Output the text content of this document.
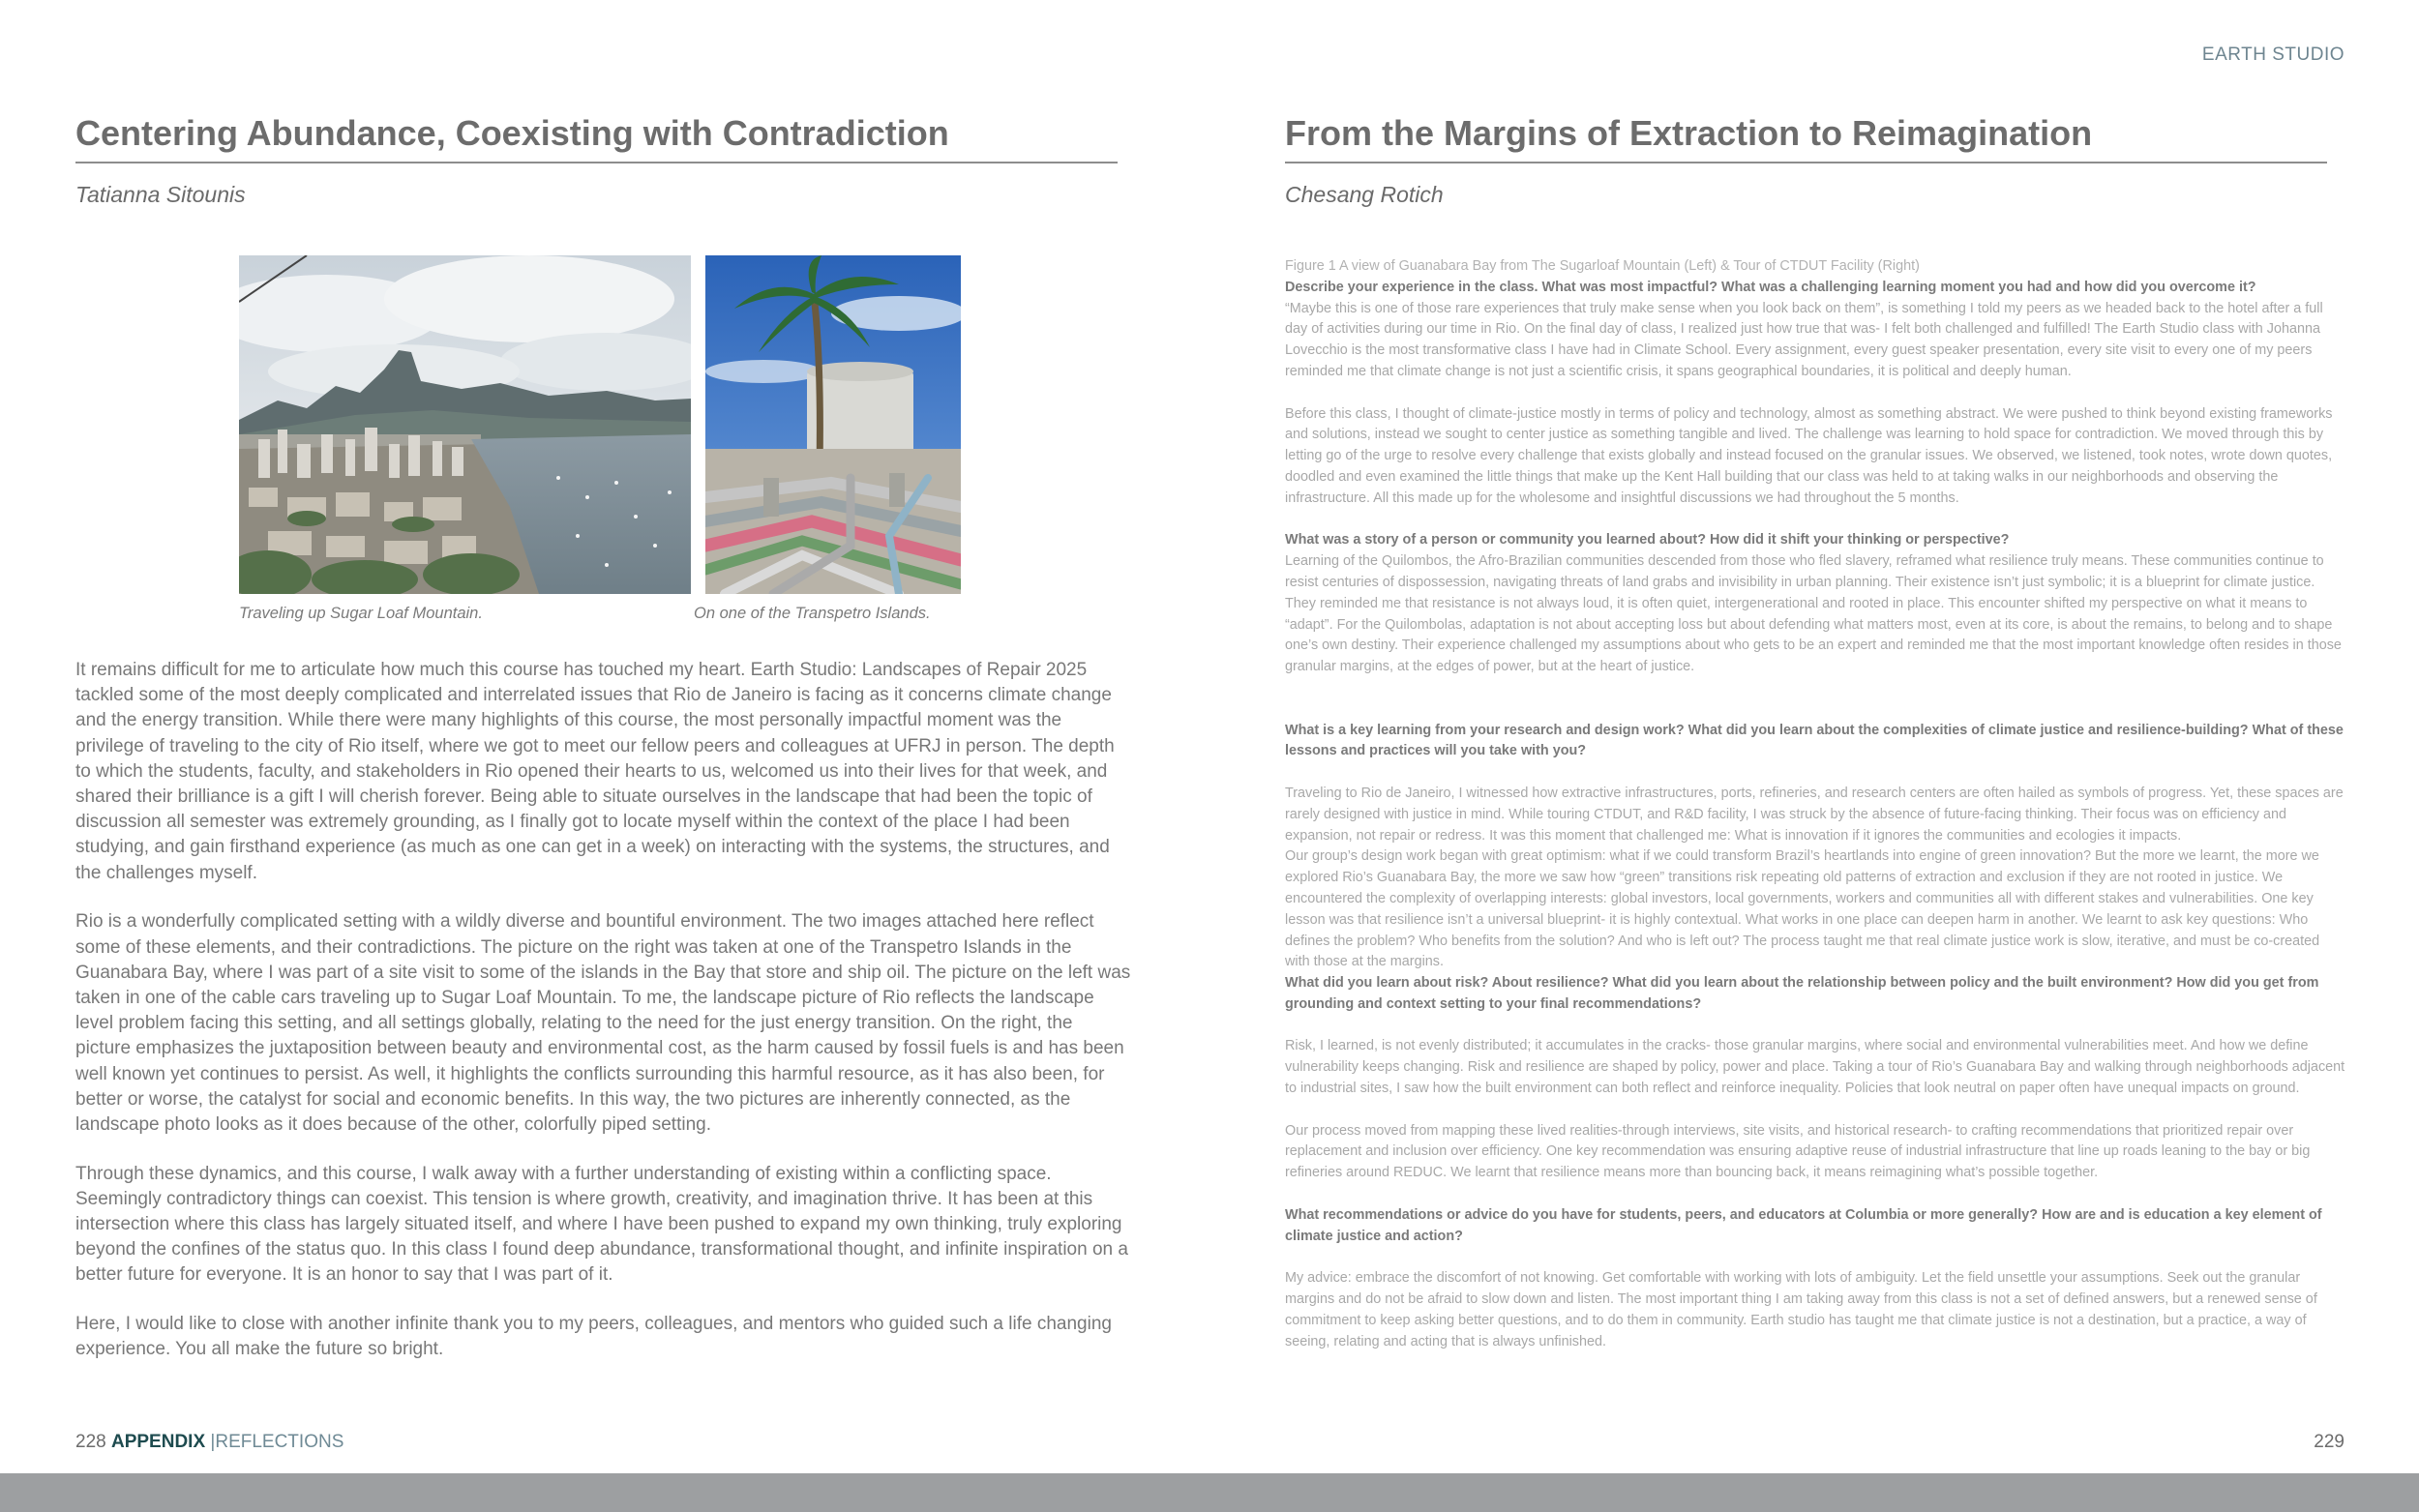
EARTH STUDIO
Centering Abundance, Coexisting with Contradiction
Tatianna Sitounis
Traveling up Sugar Loaf Mountain.	On one of the Transpetro Islands.

It remains difficult for me to articulate how much this course has touched my heart. Earth Studio: Landscapes of Repair 2025 tackled some of the most deeply complicated and interrelated issues that Rio de Janeiro is facing as it concerns climate change and the energy transition. While there were many highlights of this course, the most personally impactful moment was the privilege of traveling to the city of Rio itself, where we got to meet our fellow peers and colleagues at UFRJ in person. The depth to which the students, faculty, and stakeholders in Rio opened their hearts to us, welcomed us into their lives for that week, and shared their brilliance is a gift I will cherish forever. Being able to situate ourselves in the landscape that had been the topic of discussion all semester was extremely grounding, as I finally got to locate myself within the context of the place I had been studying, and gain firsthand experience (as much as one can get in a week) on interacting with the systems, the structures, and the challenges myself.

Rio is a wonderfully complicated setting with a wildly diverse and bountiful environment. The two images attached here reflect some of these elements, and their contradictions. The picture on the right was taken at one of the Transpetro Islands in the Guanabara Bay, where I was part of a site visit to some of the islands in the Bay that store and ship oil. The picture on the left was taken in one of the cable cars traveling up to Sugar Loaf Mountain. To me, the landscape picture of Rio reflects the landscape level problem facing this setting, and all settings globally, relating to the need for the just energy transition. On the right, the picture emphasizes the juxtaposition between beauty and environmental cost, as the harm caused by fossil fuels is and has been well known yet continues to persist. As well, it highlights the conflicts surrounding this harmful resource, as it has also been, for better or worse, the catalyst for social and economic benefits. In this way, the two pictures are inherently connected, as the landscape photo looks as it does because of the other, colorfully piped setting.

Through these dynamics, and this course, I walk away with a further understanding of existing within a conflicting space. Seemingly contradictory things can coexist. This tension is where growth, creativity, and imagination thrive. It has been at this intersection where this class has largely situated itself, and where I have been pushed to expand my own thinking, truly exploring beyond the confines of the status quo. In this class I found deep abundance, transformational thought, and infinite inspiration on a better future for everyone. It is an honor to say that I was part of it.

Here, I would like to close with another infinite thank you to my peers, colleagues, and mentors who guided such a life changing experience. You all make the future so bright.

From the Margins of Extraction to Reimagination
Chesang Rotich

Figure 1 A view of Guanabara Bay from The Sugarloaf Mountain (Left) & Tour of CTDUT Facility (Right)

Describe your experience in the class. What was most impactful? What was a challenging learning moment you had and how did you overcome it?

“Maybe this is one of those rare experiences that truly make sense when you look back on them”, is something I told my peers as we headed back to the hotel after a full day of activities during our time in Rio. On the final day of class, I realized just how true that was- I felt both challenged and fulfilled! The Earth Studio class with Johanna Lovecchio is the most transformative class I have had in Climate School. Every assignment, every guest speaker presentation, every site visit to every one of my peers reminded me that climate change is not just a scientific crisis, it spans geographical boundaries, it is political and deeply human.

Before this class, I thought of climate-justice mostly in terms of policy and technology, almost as something abstract. We were pushed to think beyond existing frameworks and solutions, instead we sought to center justice as something tangible and lived. The challenge was learning to hold space for contradiction. We moved through this by letting go of the urge to resolve every challenge that exists globally and instead focused on the granular issues. We observed, we listened, took notes, wrote down quotes, doodled and even examined the little things that make up the Kent Hall building that our class was held to at taking walks in our neighborhoods and observing the infrastructure. All this made up for the wholesome and insightful discussions we had throughout the 5 months.

What was a story of a person or community you learned about? How did it shift your thinking or perspective?

Learning of the Quilombos, the Afro-Brazilian communities descended from those who fled slavery, reframed what resilience truly means. These communities continue to resist centuries of dispossession, navigating threats of land grabs and invisibility in urban planning. Their existence isn’t just symbolic; it is a blueprint for climate justice. They reminded me that resistance is not always loud, it is often quiet, intergenerational and rooted in place. This encounter shifted my perspective on what it means to “adapt”. For the Quilombolas, adaptation is not about accepting loss but about defending what matters most, even at its core, is about the remains, to belong and to shape one’s own destiny. Their experience challenged my assumptions about who gets to be an expert and reminded me that the most important knowledge often resides in those granular margins, at the edges of power, but at the heart of justice.

What is a key learning from your research and design work? What did you learn about the complexities of climate justice and resilience-building? What of these lessons and practices will you take with you?

Traveling to Rio de Janeiro, I witnessed how extractive infrastructures, ports, refineries, and research centers are often hailed as symbols of progress. Yet, these spaces are rarely designed with justice in mind. While touring CTDUT, and R&D facility, I was struck by the absence of future-facing thinking. Their focus was on efficiency and expansion, not repair or redress. It was this moment that challenged me: What is innovation if it ignores the communities and ecologies it impacts.

Our group’s design work began with great optimism: what if we could transform Brazil’s heartlands into engine of green innovation? But the more we learnt, the more we explored Rio’s Guanabara Bay, the more we saw how “green” transitions risk repeating old patterns of extraction and exclusion if they are not rooted in justice. We encountered the complexity of overlapping interests: global investors, local governments, workers and communities all with different stakes and vulnerabilities. One key lesson was that resilience isn’t a universal blueprint- it is highly contextual. What works in one place can deepen harm in another. We learnt to ask key questions: Who defines the problem? Who benefits from the solution? And who is left out? The process taught me that real climate justice work is slow, iterative, and must be co-created with those at the margins.

What did you learn about risk? About resilience? What did you learn about the relationship between policy and the built environment? How did you get from grounding and context setting to your final recommendations?

Risk, I learned, is not evenly distributed; it accumulates in the cracks- those granular margins, where social and environmental vulnerabilities meet. And how we define vulnerability keeps changing. Risk and resilience are shaped by policy, power and place. Taking a tour of Rio’s Guanabara Bay and walking through neighborhoods adjacent to industrial sites, I saw how the built environment can both reflect and reinforce inequality. Policies that look neutral on paper often have unequal impacts on ground.

Our process moved from mapping these lived realities-through interviews, site visits, and historical research- to crafting recommendations that prioritized repair over replacement and inclusion over efficiency. One key recommendation was ensuring adaptive reuse of industrial infrastructure that line up roads leaning to the bay or big refineries around REDUC. We learnt that resilience means more than bouncing back, it means reimagining what’s possible together.

What recommendations or advice do you have for students, peers, and educators at Columbia or more generally? How are and is education a key element of climate justice and action?

My advice: embrace the discomfort of not knowing. Get comfortable with working with lots of ambiguity. Let the field unsettle your assumptions. Seek out the granular margins and do not be afraid to slow down and listen. The most important thing I am taking away from this class is not a set of defined answers, but a renewed sense of commitment to keep asking better questions, and to do them in community. Earth studio has taught me that climate justice is not a destination, but a practice, a way of seeing, relating and acting that is always unfinished.

228 APPENDIX |REFLECTIONS	229
